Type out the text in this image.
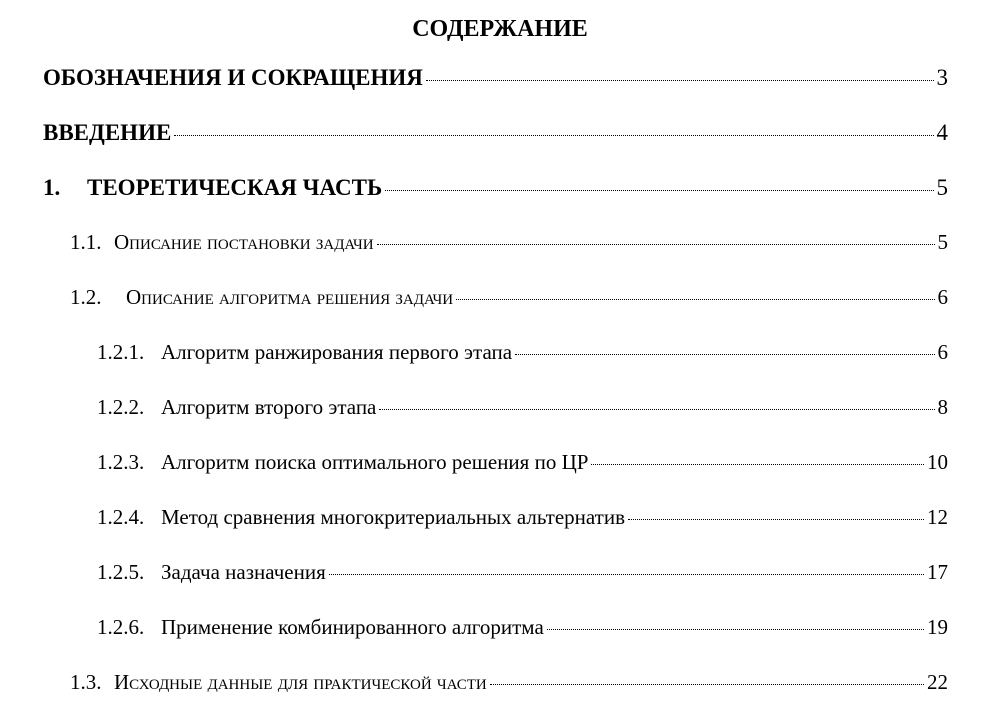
СОДЕРЖАНИЕ
ОБОЗНАЧЕНИЯ И СОКРАЩЕНИЯ	3
ВВЕДЕНИЕ	4
1. ТЕОРЕТИЧЕСКАЯ ЧАСТЬ	5
1.1. Описание постановки задачи	5
1.2. Описание алгоритма решения задачи	6
1.2.1. Алгоритм ранжирования первого этапа	6
1.2.2. Алгоритм второго этапа	8
1.2.3. Алгоритм поиска оптимального решения по ЦР	10
1.2.4. Метод сравнения многокритериальных альтернатив	12
1.2.5. Задача назначения	17
1.2.6. Применение комбинированного алгоритма	19
1.3. Исходные данные для практической части	22
